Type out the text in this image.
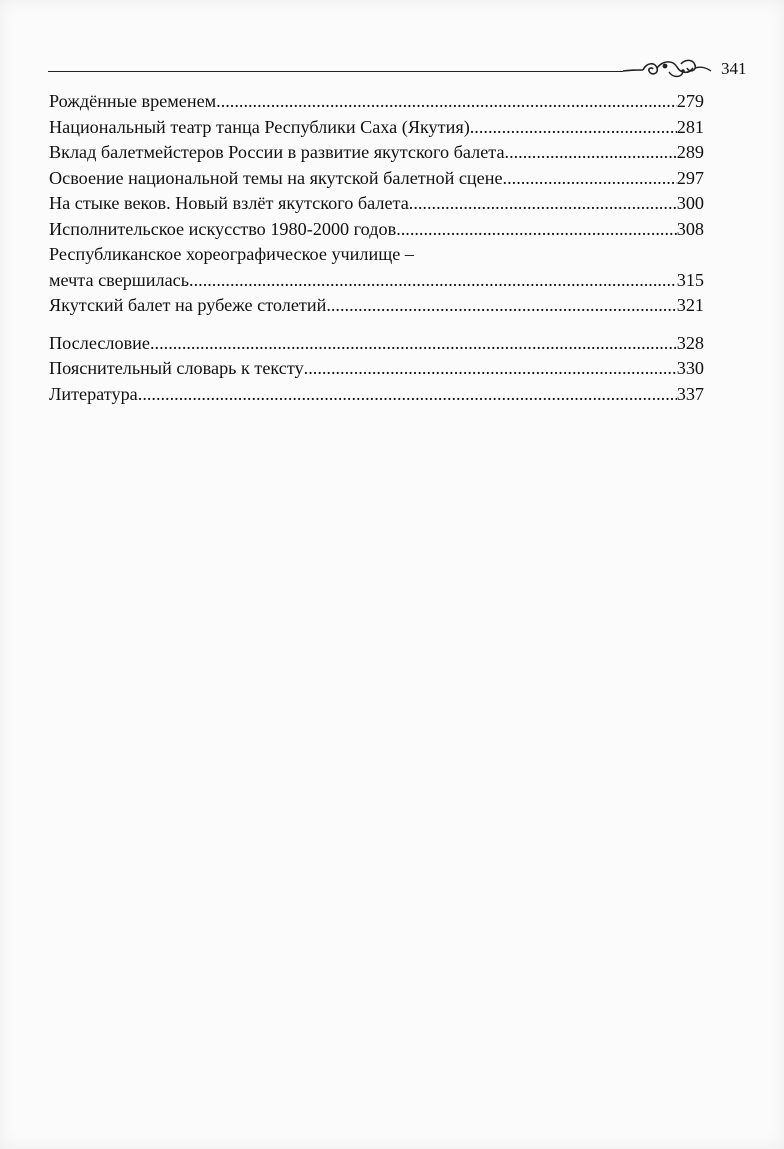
341
Рождённые временем .....	279
Национальный театр танца Республики Саха (Якутия) .....	281
Вклад балетмейстеров России в развитие якутского балета .....	289
Освоение национальной темы на якутской балетной сцене .....	297
На стыке веков. Новый взлёт якутского балета .....	300
Исполнительское искусство 1980-2000 годов .....	308
Республиканское хореографическое училище –
мечта свершилась .....	315
Якутский балет на рубеже столетий .....	321
Послесловие .....	328
Пояснительный словарь к тексту .....	330
Литература .....	337
